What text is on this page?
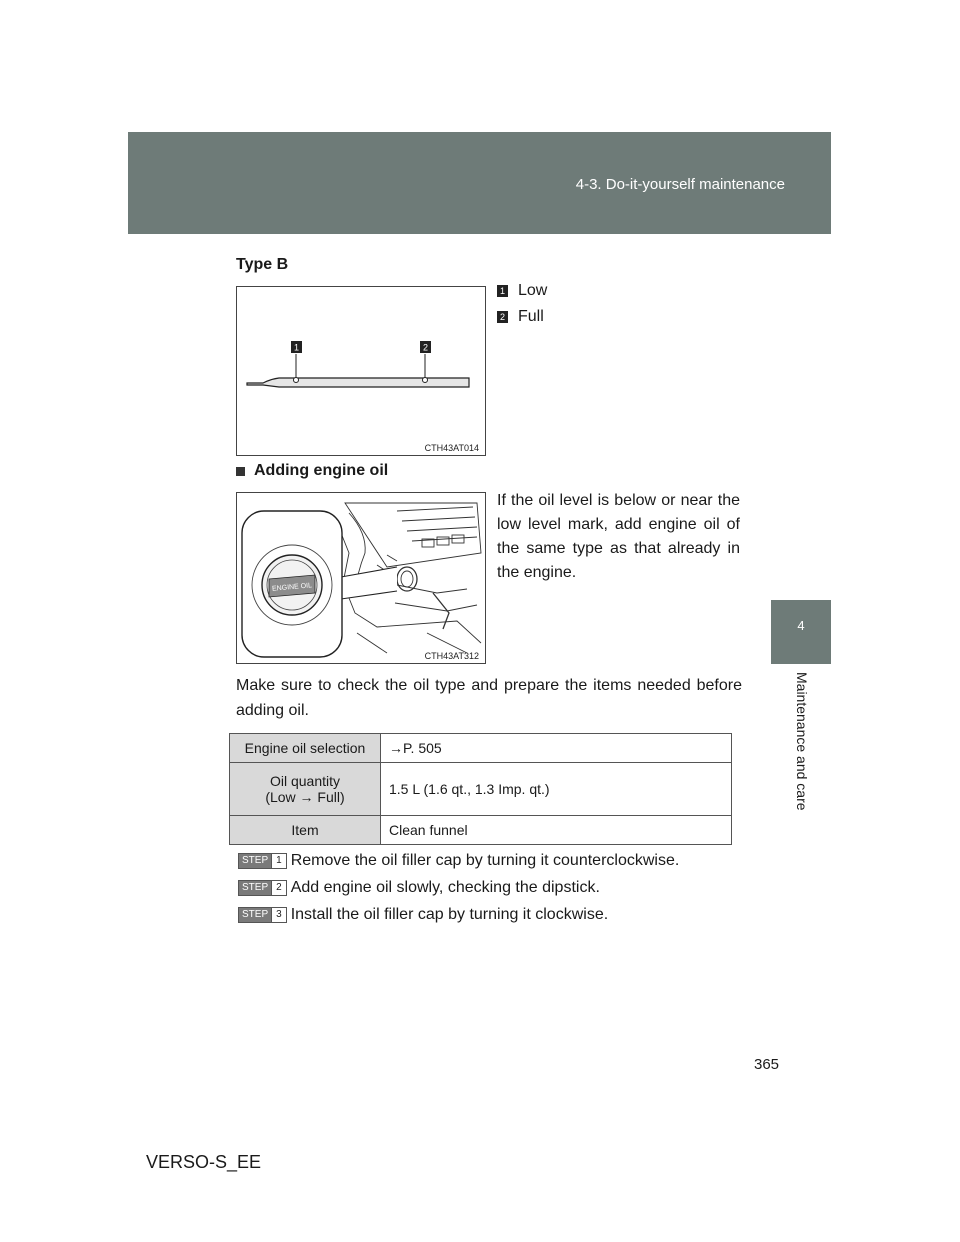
4-3. Do-it-yourself maintenance
4
Maintenance and care
Type B
1	2
CTH43AT014
1 Low
2 Full
Adding engine oil
ENGINE OIL
CTH43AT312
If the oil level is below or near the low level mark, add engine oil of the same type as that already in the engine.
Make sure to check the oil type and prepare the items needed before adding oil.
Engine oil selection	→P. 505

Oil quantity
(Low → Full)	1.5 L (1.6 qt., 1.3 Imp. qt.)
Item	Clean funnel
STEP 1 Remove the oil filler cap by turning it counterclockwise.
STEP 2 Add engine oil slowly, checking the dipstick.
STEP 3 Install the oil filler cap by turning it clockwise.
365
VERSO-S_EE
